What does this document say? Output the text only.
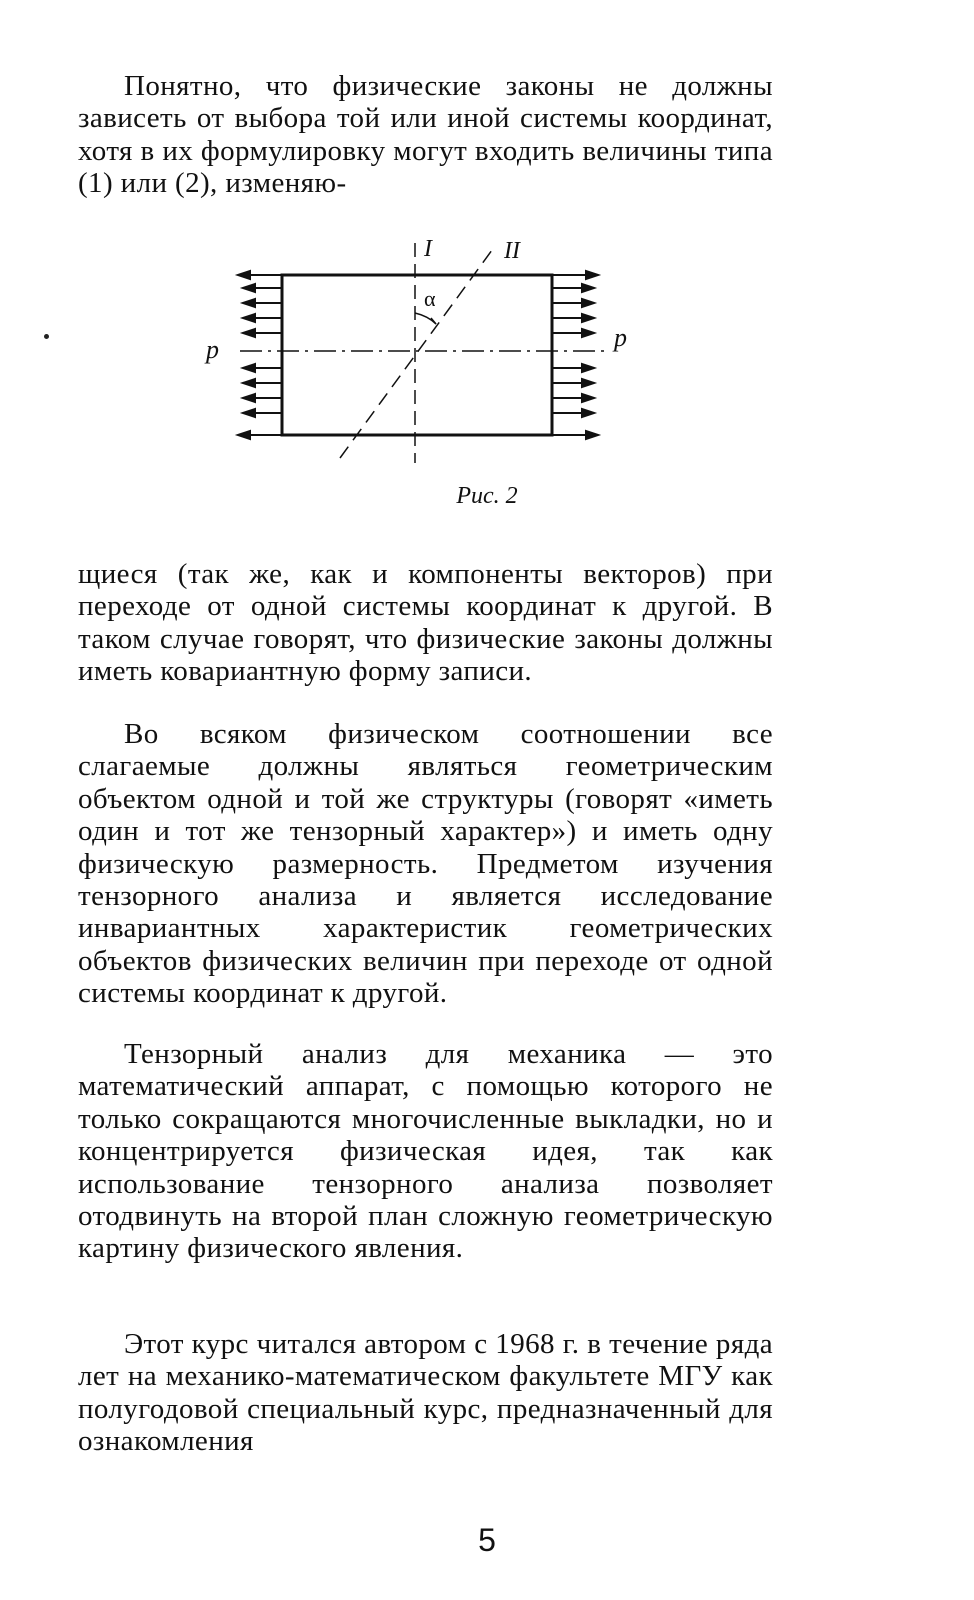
Понятно, что физические законы не должны зависеть от выбора той или иной системы координат, хотя в их формулировку могут входить величины типа (1) или (2), изменяю-

p	p
I	II
α
Рис. 2

щиеся (так же, как и компоненты векторов) при переходе от одной системы координат к другой. В таком случае говорят, что физические законы должны иметь ковариантную форму записи.

Во всяком физическом соотношении все слагаемые должны являться геометрическим объектом одной и той же структуры (говорят «иметь один и тот же тензорный характер») и иметь одну физическую размерность. Предметом изучения тензорного анализа и является исследование инвариантных характеристик геометрических объектов физических величин при переходе от одной системы координат к другой.

Тензорный анализ для механика — это математический аппарат, с помощью которого не только сокращаются многочисленные выкладки, но и концентрируется физическая идея, так как использование тензорного анализа позволяет отодвинуть на второй план сложную геометрическую картину физического явления.

Этот курс читался автором с 1968 г. в течение ряда лет на механико-математическом факультете МГУ как полугодовой специальный курс, предназначенный для ознакомления

5
